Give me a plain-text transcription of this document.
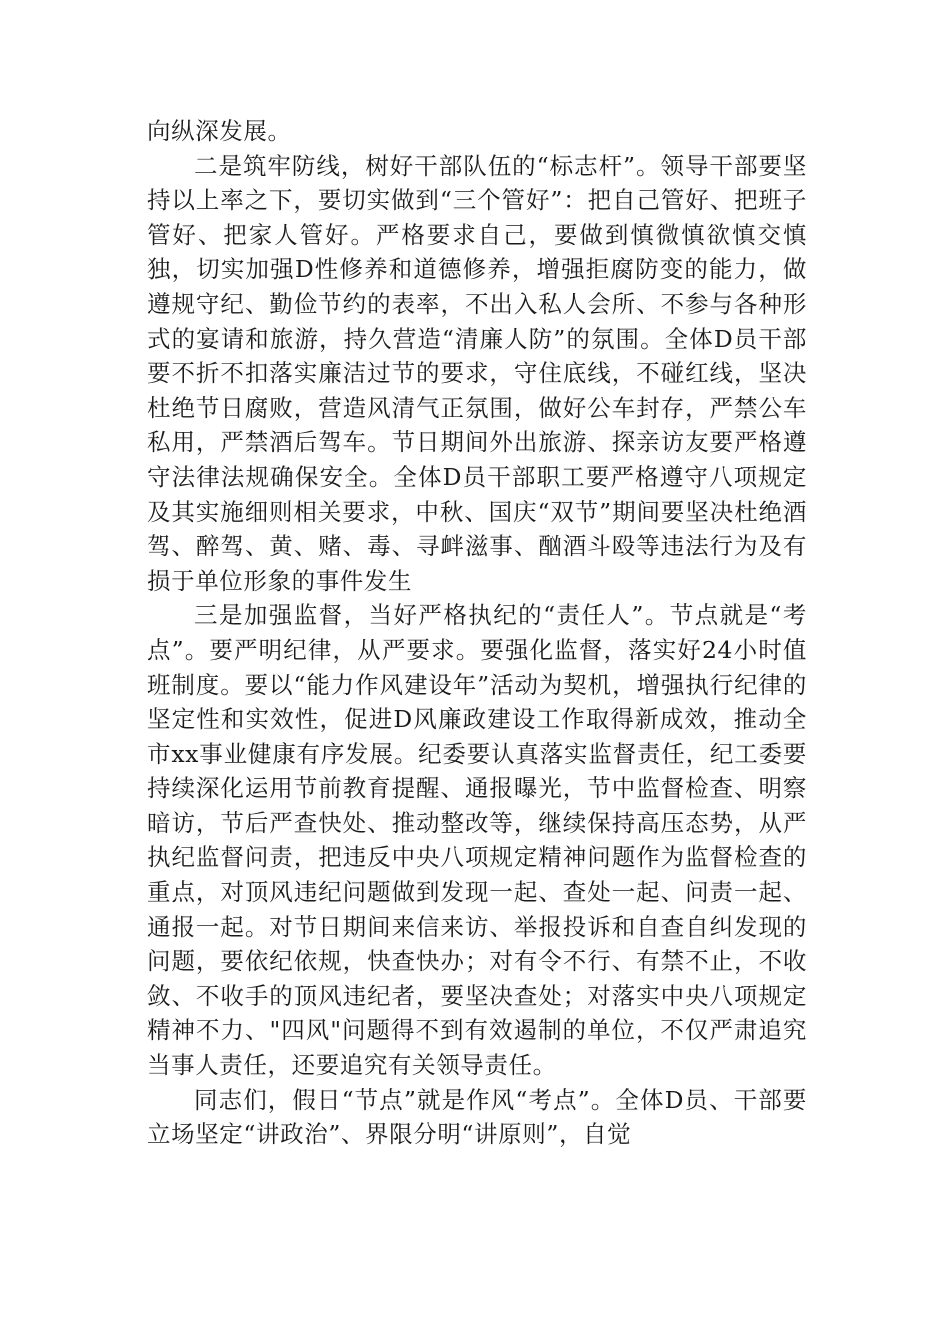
向纵深发展。

二是筑牢防线，树好干部队伍的“标志杆”。领导干部要坚持以上率之下，要切实做到“三个管好”：把自己管好、把班子管好、把家人管好。严格要求自己，要做到慎微慎欲慎交慎独，切实加强D性修养和道德修养，增强拒腐防变的能力，做遵规守纪、勤俭节约的表率，不出入私人会所、不参与各种形式的宴请和旅游，持久营造“清廉人防”的氛围。全体D员干部要不折不扣落实廉洁过节的要求，守住底线，不碰红线，坚决杜绝节日腐败，营造风清气正氛围，做好公车封存，严禁公车私用，严禁酒后驾车。节日期间外出旅游、探亲访友要严格遵守法律法规确保安全。全体D员干部职工要严格遵守八项规定及其实施细则相关要求，中秋、国庆“双节”期间要坚决杜绝酒驾、醉驾、黄、赌、毒、寻衅滋事、酗酒斗殴等违法行为及有损于单位形象的事件发生

三是加强监督，当好严格执纪的“责任人”。节点就是“考点”。要严明纪律，从严要求。要强化监督，落实好24小时值班制度。要以“能力作风建设年”活动为契机，增强执行纪律的坚定性和实效性，促进D风廉政建设工作取得新成效，推动全市xx事业健康有序发展。纪委要认真落实监督责任，纪工委要持续深化运用节前教育提醒、通报曝光，节中监督检查、明察暗访，节后严查快处、推动整改等，继续保持高压态势，从严执纪监督问责，把违反中央八项规定精神问题作为监督检查的重点，对顶风违纪问题做到发现一起、查处一起、问责一起、通报一起。对节日期间来信来访、举报投诉和自查自纠发现的问题，要依纪依规，快查快办；对有令不行、有禁不止，不收敛、不收手的顶风违纪者，要坚决查处；对落实中央八项规定精神不力、"四风"问题得不到有效遏制的单位，不仅严肃追究当事人责任，还要追究有关领导责任。

同志们，假日“节点”就是作风“考点”。全体D员、干部要立场坚定“讲政治”、界限分明“讲原则”，自觉
